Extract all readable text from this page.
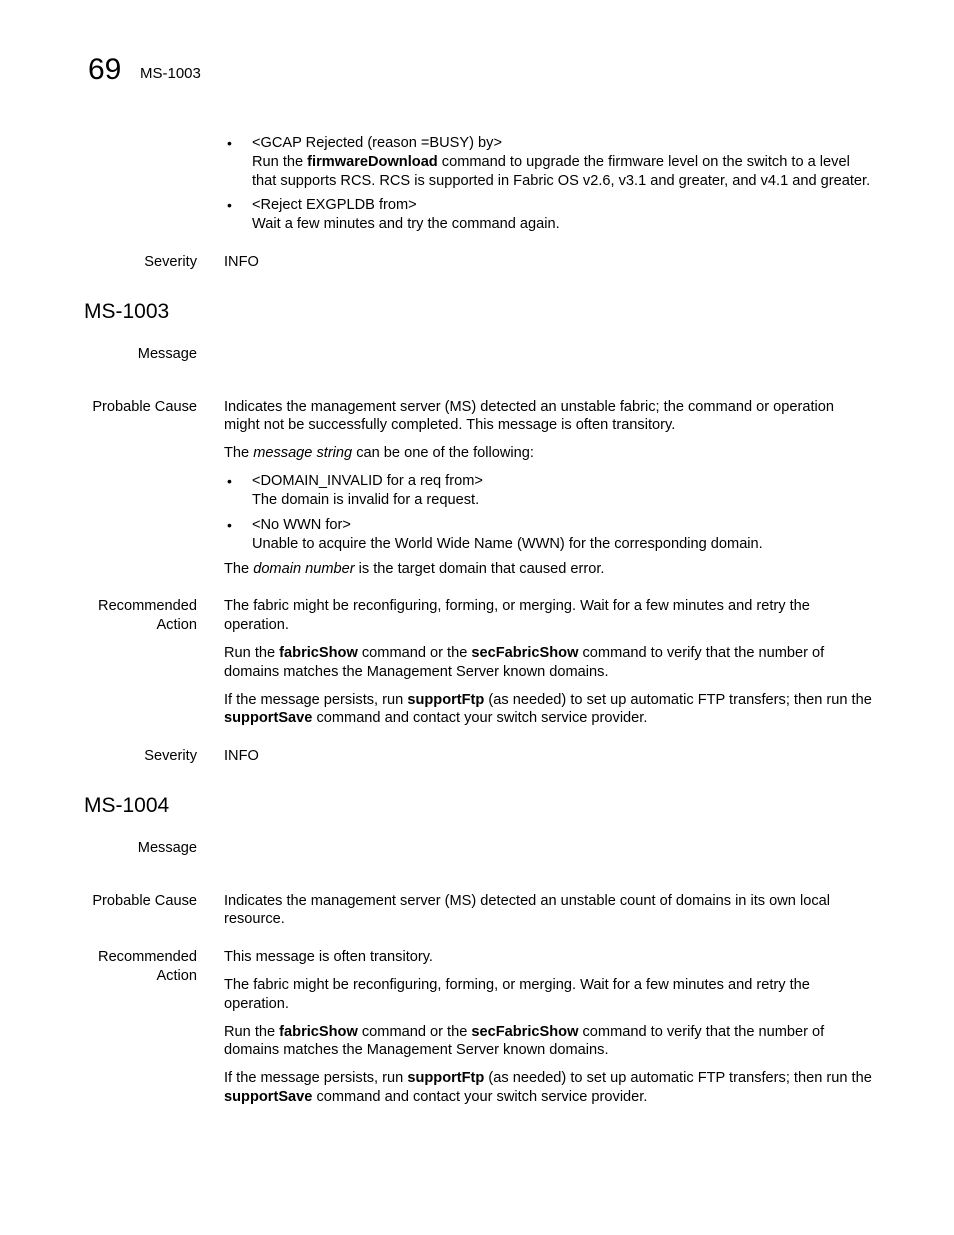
69 MS-1003
• <GCAP Rejected (reason =BUSY) by>
Run the firmwareDownload command to upgrade the firmware level on the switch to a level
that supports RCS. RCS is supported in Fabric OS v2.6, v3.1 and greater, and v4.1 and greater.
• <Reject EXGPLDB from>
Wait a few minutes and try the command again.
Severity INFO
MS-1003
Message
Probable Cause Indicates the management server (MS) detected an unstable fabric; the command or operation
might not be successfully completed. This message is often transitory.
The message string can be one of the following:
• <DOMAIN_INVALID for a req from>
The domain is invalid for a request.
• <No WWN for>
Unable to acquire the World Wide Name (WWN) for the corresponding domain.
The domain number is the target domain that caused error.
Recommended
Action
The fabric might be reconfiguring, forming, or merging. Wait for a few minutes and retry the
operation.
Run the fabricShow command or the secFabricShow command to verify that the number of
domains matches the Management Server known domains.
If the message persists, run supportFtp (as needed) to set up automatic FTP transfers; then run the
supportSave command and contact your switch service provider.
Severity INFO
MS-1004
Message
Probable Cause Indicates the management server (MS) detected an unstable count of domains in its own local
resource.
Recommended
Action
This message is often transitory.
The fabric might be reconfiguring, forming, or merging. Wait for a few minutes and retry the
operation.
Run the fabricShow command or the secFabricShow command to verify that the number of
domains matches the Management Server known domains.
If the message persists, run supportFtp (as needed) to set up automatic FTP transfers; then run the
supportSave command and contact your switch service provider.
